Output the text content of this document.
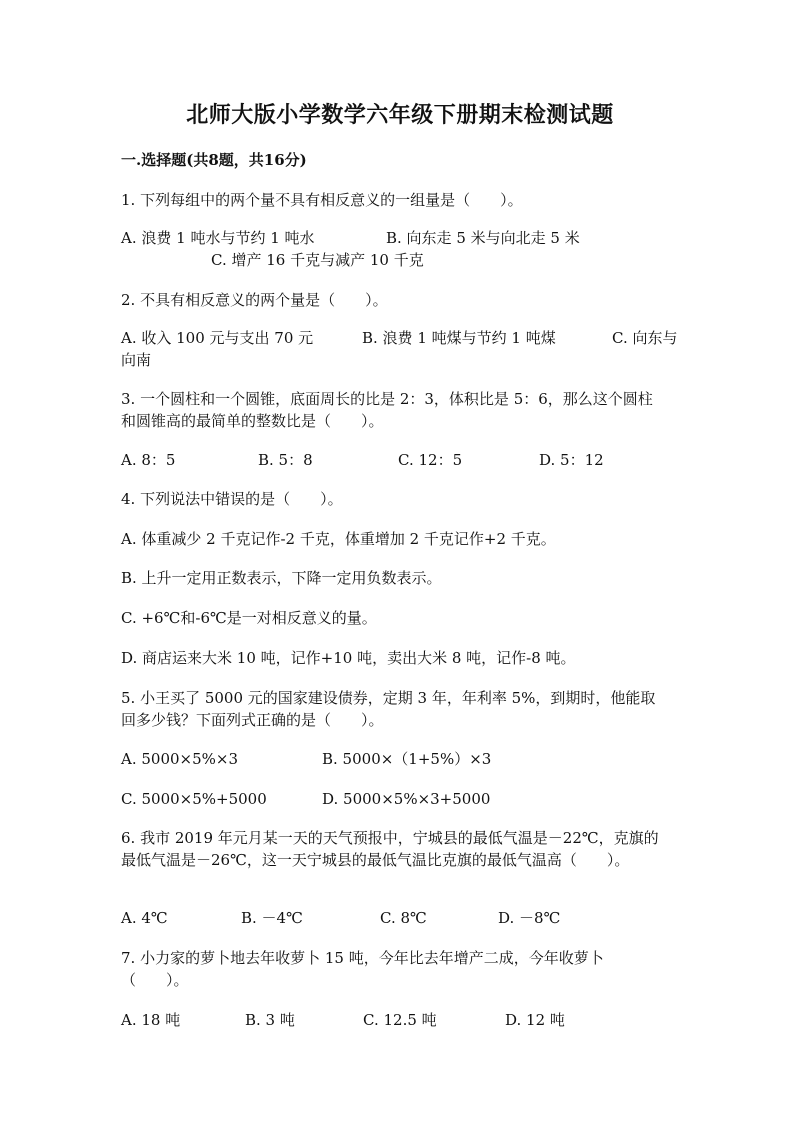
北师大版小学数学六年级下册期末检测试题
一.选择题(共8题，共16分)
1. 下列每组中的两个量不具有相反意义的一组量是（　　）。
A. 浪费 1 吨水与节约 1 吨水	B. 向东走 5 米与向北走 5 米
C. 增产 16 千克与减产 10 千克
2. 不具有相反意义的两个量是（　　）。
A. 收入 100 元与支出 70 元	B. 浪费 1 吨煤与节约 1 吨煤	C. 向东与
向南
3. 一个圆柱和一个圆锥，底面周长的比是 2：3，体积比是 5：6，那么这个圆柱
和圆锥高的最简单的整数比是（　　）。
A. 8：5	B. 5：8	C. 12：5	D. 5：12
4. 下列说法中错误的是（　　）。
A. 体重减少 2 千克记作-2 千克，体重增加 2 千克记作+2 千克。
B. 上升一定用正数表示，下降一定用负数表示。
C. +6℃和-6℃是一对相反意义的量。
D. 商店运来大米 10 吨，记作+10 吨，卖出大米 8 吨，记作-8 吨。
5. 小王买了 5000 元的国家建设债券，定期 3 年，年利率 5%，到期时，他能取
回多少钱？下面列式正确的是（　　）。
A. 5000×5%×3	B. 5000×（1+5%）×3
C. 5000×5%+5000	D. 5000×5%×3+5000
6. 我市 2019 年元月某一天的天气预报中，宁城县的最低气温是－22℃，克旗的
最低气温是－26℃，这一天宁城县的最低气温比克旗的最低气温高（　　）。
A. 4℃	B. －4℃	C. 8℃	D. －8℃
7. 小力家的萝卜地去年收萝卜 15 吨，今年比去年增产二成，今年收萝卜
（　　）。
A. 18 吨	B. 3 吨	C. 12.5 吨	D. 12 吨
